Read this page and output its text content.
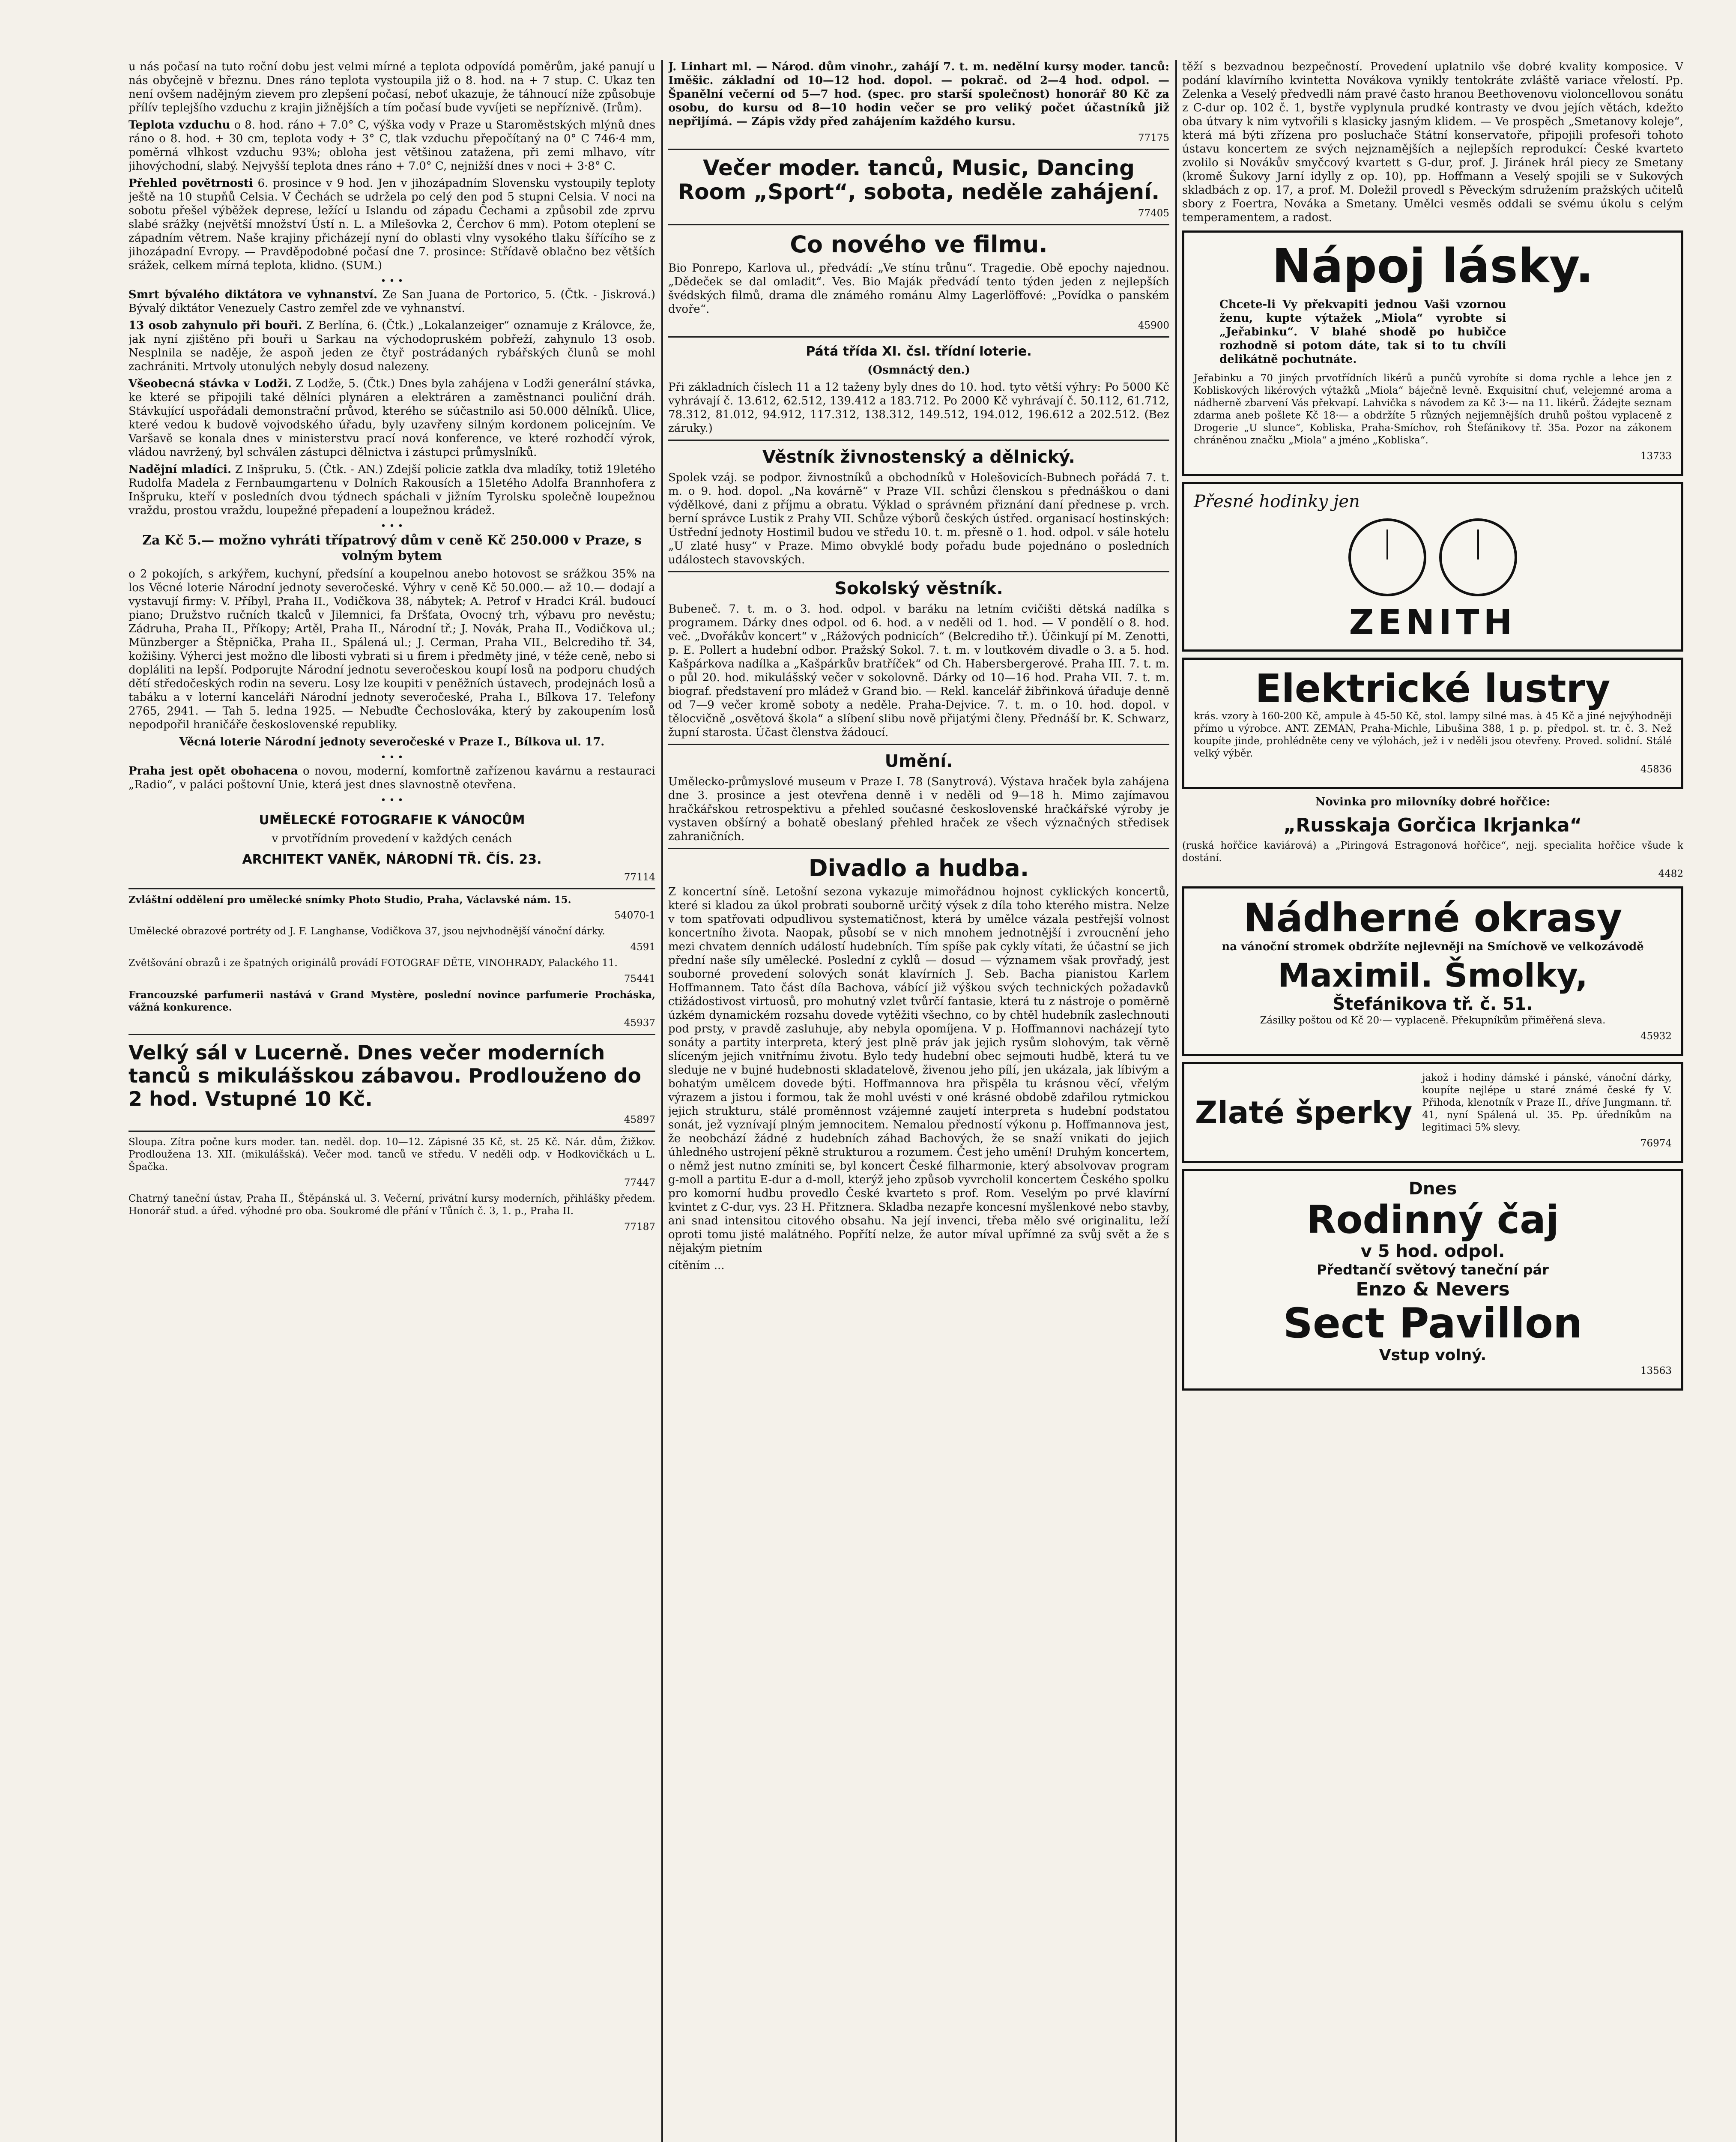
u nás počasí na tuto roční dobu jest velmi mírné a teplota odpovídá poměrům, jaké panují u nás obyčejně v březnu. Dnes ráno teplota vystoupila již o 8. hod. na + 7 stup. C. Ukaz ten není ovšem nadějným zievem pro zlepšení počasí, neboť ukazuje, že táhnoucí níže způsobuje přílív teplejšího vzduchu z krajin jižnějších a tím počasí bude vyvíjeti se nepříznivě. (Irům).

Teplota vzduchu o 8. hod. ráno + 7.0° C, výška vody v Praze u Staroměstských mlýnů dnes ráno o 8. hod. + 30 cm, teplota vody + 3° C, tlak vzduchu přepočítaný na 0° C 746·4 mm, poměrná vlhkost vzduchu 93%; obloha jest většinou zatažena, při zemi mlhavo, vítr jihovýchodní, slabý. Nejvyšší teplota dnes ráno + 7.0° C, nejnižší dnes v noci + 3·8° C.

Přehled povětrnosti 6. prosince v 9 hod. Jen v jihozápadním Slovensku vystoupily teploty ještě na 10 stupňů Celsia. V Čechách se udržela po celý den pod 5 stupni Celsia. V noci na sobotu přešel výběžek deprese, ležící u Islandu od západu Čechami a způsobil zde zprvu slabé srážky (největší množství Ústí n. L. a Milešovka 2, Čerchov 6 mm). Potom oteplení se západním větrem. Naše krajiny přicházejí nyní do oblasti vlny vysokého tlaku šířícího se z jihozápadní Evropy. — Pravděpodobné počasí dne 7. prosince: Střídavě oblačno bez větších srážek, celkem mírná teplota, klidno. (SUM.)

• • •

Smrt bývalého diktátora ve vyhnanství. Ze San Juana de Portorico, 5. (Čtk. - Jiskrová.) Bývalý diktátor Venezuely Castro zemřel zde ve vyhnanství.

13 osob zahynulo při bouři. Z Berlína, 6. (Čtk.) „Lokalanzeiger“ oznamuje z Královce, že, jak nyní zjištěno při bouři u Sarkau na východopruském pobřeží, zahynulo 13 osob. Nesplnila se naděje, že aspoň jeden ze čtyř postrádaných rybářských člunů se mohl zachrániti. Mrtvoly utonulých nebyly dosud nalezeny.

Všeobecná stávka v Lodži. Z Lodže, 5. (Čtk.) Dnes byla zahájena v Lodži generální stávka, ke které se připojili také dělníci plynáren a elektráren a zaměstnanci pouliční dráh. Stávkující uspořádali demonstrační průvod, kterého se súčastnilo asi 50.000 dělníků. Ulice, které vedou k budově vojvodského úřadu, byly uzavřeny silným kordonem policejním. Ve Varšavě se konala dnes v ministerstvu prací nová konference, ve které rozhodčí výrok, vládou navržený, byl schválen zástupci dělnictva i zástupci průmyslníků.

Nadějní mladíci. Z Inšpruku, 5. (Čtk. - AN.) Zdejší policie zatkla dva mladíky, totiž 19letého Rudolfa Madela z Fernbaumgartenu v Dolních Rakousích a 15letého Adolfa Brannhofera z Inšpruku, kteří v posledních dvou týdnech spáchali v jižním Tyrolsku společně loupežnou vraždu, prostou vraždu, loupežné přepadení a loupežnou krádež.

• • •

Za Kč 5.— možno vyhráti třípatrový dům v ceně Kč 250.000 v Praze, s volným bytem

o 2 pokojích, s arkýřem, kuchyní, předsíní a koupelnou anebo hotovost se srážkou 35% na los Věcné loterie Národní jednoty severočeské. Výhry v ceně Kč 50.000.— až 10.— dodají a vystavují firmy: V. Příbyl, Praha II., Vodičkova 38, nábytek; A. Petrof v Hradci Král. budoucí piano; Družstvo ručních tkalců v Jilemnici, fa Dršťata, Ovocný trh, výbavu pro nevěstu; Zádruha, Praha II., Příkopy; Artěl, Praha II., Národní tř.; J. Novák, Praha II., Vodičkova ul.; Münzberger a Štěpnička, Praha II., Spálená ul.; J. Cerman, Praha VII., Belcrediho tř. 34, kožišiny. Výherci jest možno dle libosti vybrati si u firem i předměty jiné, v téže ceně, nebo si dopláliti na lepší. Podporujte Národní jednotu severočeskou koupí losů na podporu chudých dětí středočeských rodin na severu. Losy lze koupiti v peněžních ústavech, prodejnách losů a tabáku a v loterní kanceláři Národní jednoty severočeské, Praha I., Bílkova 17. Telefony 2765, 2941. — Tah 5. ledna 1925. — Nebuďte Čechoslováka, který by zakoupením losů nepodpořil hraničáře československé republiky.

Věcná loterie Národní jednoty severočeské v Praze I., Bílkova ul. 17.

• • •

Praha jest opět obohacena o novou, moderní, komfortně zařízenou kavárnu a restauraci „Radio“, v paláci poštovní Unie, která jest dnes slavnostně otevřena.

• • •
UMĚLECKÉ FOTOGRAFIE K VÁNOCŮM

v prvotřídním provedení v každých cenách

ARCHITEKT VANĚK, NÁRODNÍ TŘ. ČÍS. 23.

77114

Zvláštní oddělení pro umělecké snímky Photo Studio, Praha, Václavské nám. 15.

54070-1

Umělecké obrazové portréty od J. F. Langhanse, Vodičkova 37, jsou nejvhodnější vánoční dárky.

4591

Zvětšování obrazů i ze špatných originálů provádí FOTOGRAF DĚTE, VINOHRADY, Palackého 11.

75441

Francouzské parfumerii nastává v Grand Mystère, poslední novince parfumerie Procháska, vážná konkurence.

45937

Velký sál v Lucerně. Dnes večer moderních tanců s mikulášskou zábavou. Prodlouženo do 2 hod. Vstupné 10 Kč.

45897

Sloupa. Zítra počne kurs moder. tan. neděl. dop. 10—12. Zápisné 35 Kč, st. 25 Kč. Nár. dům, Žižkov. Prodloužena 13. XII. (mikulášská). Večer mod. tanců ve středu. V neděli odp. v Hodkovičkách u L. Špačka.

77447

Chatrný taneční ústav, Praha II., Štěpánská ul. 3. Večerní, privátní kursy moderních, přihlášky předem. Honorář stud. a úřed. výhodné pro oba. Soukromé dle přání v Tůních č. 3, 1. p., Praha II.

77187

J. Linhart ml. — Národ. dům vinohr., zahájí 7. t. m. nedělní kursy moder. tanců: Iměšic. základní od 10—12 hod. dopol. — pokrač. od 2—4 hod. odpol. — Španělní večerní od 5—7 hod. (spec. pro starší společnost) honorář 80 Kč za osobu, do kursu od 8—10 hodin večer se pro veliký počet účastníků již nepřijímá. — Zápis vždy před zahájením každého kursu.

77175

Večer moder. tanců, Music, Dancing Room „Sport“, sobota, neděle zahájení.

77405

Co nového ve filmu.

Bio Ponrepo, Karlova ul., předvádí: „Ve stínu trůnu“. Tragedie. Obě epochy najednou. „Dědeček se dal omladit“. Ves. Bio Maják předvádí tento týden jeden z nejlepších švédských filmů, drama dle známého románu Almy Lagerlöffové: „Povídka o panském dvoře“.

45900

Pátá třída XI. čsl. třídní loterie.

(Osmnáctý den.)

Při základních číslech 11 a 12 taženy byly dnes do 10. hod. tyto větší výhry: Po 5000 Kč vyhrávají č. 13.612, 62.512, 139.412 a 183.712. Po 2000 Kč vyhrávají č. 50.112, 61.712, 78.312, 81.012, 94.912, 117.312, 138.312, 149.512, 194.012, 196.612 a 202.512. (Bez záruky.)

Věstník živnostenský a dělnický.

Spolek vzáj. se podpor. živnostníků a obchodníků v Holešovicích-Bubnech pořádá 7. t. m. o 9. hod. dopol. „Na kovárně“ v Praze VII. schůzi členskou s přednáškou o dani výdělkové, dani z příjmu a obratu. Výklad o správném přiznání daní přednese p. vrch. berní správce Lustik z Prahy VII. Schůze výborů českých ústřed. organisací hostinských: Ústřední jednoty Hostimil budou ve středu 10. t. m. přesně o 1. hod. odpol. v sále hotelu „U zlaté husy“ v Praze. Mimo obvyklé body pořadu bude pojednáno o posledních událostech stavovských.

Sokolský věstník.

Bubeneč. 7. t. m. o 3. hod. odpol. v baráku na letním cvičišti dětská nadílka s programem. Dárky dnes odpol. od 6. hod. a v neděli od 1. hod. — V pondělí o 8. hod. več. „Dvořákův koncert“ v „Rážových podnicích“ (Belcrediho tř.). Účinkují pí M. Zenotti, p. E. Pollert a hudební odbor. Pražský Sokol. 7. t. m. v loutkovém divadle o 3. a 5. hod. Kašpárkova nadílka a „Kašpárkův bratříček“ od Ch. Habersbergerové. Praha III. 7. t. m. o půl 20. hod. mikulášský večer v sokolovně. Dárky od 10—16 hod. Praha VII. 7. t. m. biograf. představení pro mládež v Grand bio. — Rekl. kancelář žibřinková úřaduje denně od 7—9 večer kromě soboty a neděle. Praha-Dejvice. 7. t. m. o 10. hod. dopol. v tělocvičně „osvětová škola“ a slíbení slibu nově přijatými členy. Přednáší br. K. Schwarz, župní starosta. Účast členstva žádoucí.

Umění.

Umělecko-průmyslové museum v Praze I. 78 (Sanytrová). Výstava hraček byla zahájena dne 3. prosince a jest otevřena denně i v neděli od 9—18 h. Mimo zajímavou hračkářskou retrospektivu a přehled současné československé hračkářské výroby je vystaven obšírný a bohatě obeslaný přehled hraček ze všech význačných středisek zahraničních.

Divadlo a hudba.

Z koncertní síně. Letošní sezona vykazuje mimořádnou hojnost cyklických koncertů, které si kladou za úkol probrati souborně určitý výsek z díla toho kterého mistra. Nelze v tom spatřovati odpudlivou systematičnost, která by umělce vázala pestřejší volnost koncertního života. Naopak, působí se v nich mnohem jednotnější i zvroucnění jeho mezi chvatem denních událostí hudebních. Tím spíše pak cykly vítati, že účastní se jich přední naše síly umělecké. Poslední z cyklů — dosud — významem však provřadý, jest souborné provedení solových sonát klavírních J. Seb. Bacha pianistou Karlem Hoffmannem. Tato část díla Bachova, vábící již výškou svých technických požadavků ctižádostivost virtuosů, pro mohutný vzlet tvůrčí fantasie, která tu z nástroje o poměrně úzkém dynamickém rozsahu dovede vytěžiti všechno, co by chtěl hudebník zaslechnouti pod prsty, v pravdě zasluhuje, aby nebyla opomíjena. V p. Hoffmannovi nacházejí tyto sonáty a partity interpreta, který jest plně práv jak jejich rysům slohovým, tak věrně slíceným jejich vnitřnímu životu. Bylo tedy hudební obec sejmouti hudbě, která tu ve sleduje ne v bujné hudebnosti skladatelově, živenou jeho pílí, jen ukázala, jak líbivým a bohatým umělcem dovede býti. Hoffmannova hra přispěla tu krásnou věcí, vřelým výrazem a jistou i formou, tak že mohl uvésti v oné krásné obdobě zdařilou rytmickou jejich strukturu, stálé proměnnost vzájemné zaujetí interpreta s hudební podstatou sonát, jež vyznívají plným jemnocitem. Nemalou předností výkonu p. Hoffmannova jest, že neobchází žádné z hudebních záhad Bachových, že se snaží vnikati do jejich úhledného ustrojení pěkně strukturou a rozumem. Čest jeho umění! Druhým koncertem, o němž jest nutno zmíniti se, byl koncert České filharmonie, který absolvovav program g-moll a partitu E-dur a d-moll, kterýž jeho způsob vyvrcholil koncertem Českého spolku pro komorní hudbu provedlo České kvarteto s prof. Rom. Veselým po prvé klavírní kvintet z C-dur, vys. 23 H. Přitznera. Skladba nezapře koncesní myšlenkové nebo stavby, ani snad intensitou citového obsahu. Na její invenci, třeba mělo své originalitu, leží oproti tomu jisté malátného. Popřítí nelze, že autor míval upřímné za svůj svět a že s nějakým pietním

cítěním ...

těží s bezvadnou bezpečností. Provedení uplatnilo vše dobré kvality komposice. V podání klavírního kvintetta Novákova vynikly tentokráte zvláště variace vřelostí. Pp. Zelenka a Veselý předvedli nám pravé často hranou Beethovenovu violoncellovou sonátu z C-dur op. 102 č. 1, bystře vyplynula prudké kontrasty ve dvou jejích větách, kdežto oba útvary k nim vytvořili s klasicky jasným klidem. — Ve prospěch „Smetanovy koleje“, která má býti zřízena pro posluchače Státní konservatoře, připojili profesoři tohoto ústavu koncertem ze svých nejznamějších a nejlepších reprodukcí: České kvarteto zvolilo si Novákův smyčcový kvartett s G-dur, prof. J. Jiránek hrál piecy ze Smetany (kromě Šukovy Jarní idylly z op. 10), pp. Hoffmann a Veselý spojili se v Sukových skladbách z op. 17, a prof. M. Doležil provedl s Pěveckým sdružením pražských učitelů sbory z Foertra, Nováka a Smetany. Umělci vesměs oddali se svému úkolu s celým temperamentem, a radost.

Nápoj lásky.

Chcete-li Vy překvapiti jednou Vaši vzornou ženu, kupte výtažek „Miola“ vyrobte si „Jeřabinku“. V blahé shodě po hubičce rozhodně si potom dáte, tak si to tu chvíli delikátně pochutnáte.

Jeřabinku a 70 jiných prvotřídních likérů a punčů vyrobíte si doma rychle a lehce jen z Kobliskových likérových výtažků „Miola“ báječně levně. Exquisitní chuť, velejemné aroma a nádherně zbarvení Vás překvapí. Lahvička s návodem za Kč 3·— na 11. likérů. Žádejte seznam zdarma aneb pošlete Kč 18·— a obdržíte 5 různých nejjemnějších druhů poštou vyplaceně z Drogerie „U slunce“, Kobliska, Praha-Smíchov, roh Štefánikovy tř. 35a. Pozor na zákonem chráněnou značku „Miola“ a jméno „Kobliska“.

13733

Přesné hodinky jen

ZENITH
Elektrické lustry

krás. vzory à 160-200 Kč, ampule à 45-50 Kč, stol. lampy silné mas. à 45 Kč a jiné nejvýhodněji přímo u výrobce. ANT. ZEMAN, Praha-Michle, Libušina 388, 1 p. p. předpol. st. tr. č. 3. Než koupíte jinde, prohlédněte ceny ve výlohách, jež i v neděli jsou otevřeny. Proved. solidní. Stálé velký výběr.

45836

Novinka pro milovníky dobré hořčice:

„Russkaja Gorčica Ikrjanka“

(ruská hořčice kaviárová) a „Piringová Estragonová hořčice“, nejj. specialita hořčice všude k dostání.

4482

Nádherné okrasy

na vánoční stromek obdržíte nejlevněji na Smíchově ve velkozávodě

Maximil. Šmolky,
Štefánikova tř. č. 51.

Zásilky poštou od Kč 20·— vyplaceně. Překupníkům přiměřená sleva.

45932

Zlaté šperky

jakož i hodiny dámské i pánské, vánoční dárky, koupíte nejlépe u staré známé české fy V. Přihoda, klenotník v Praze II., dříve Jungmann. tř. 41, nyní Spálená ul. 35. Pp. úředníkům na legitimaci 5% slevy.

76974

Dnes
Rodinný čaj
v 5 hod. odpol.
Předtančí světový taneční pár
Enzo & Nevers
Sect Pavillon
Vstup volný.

13563
